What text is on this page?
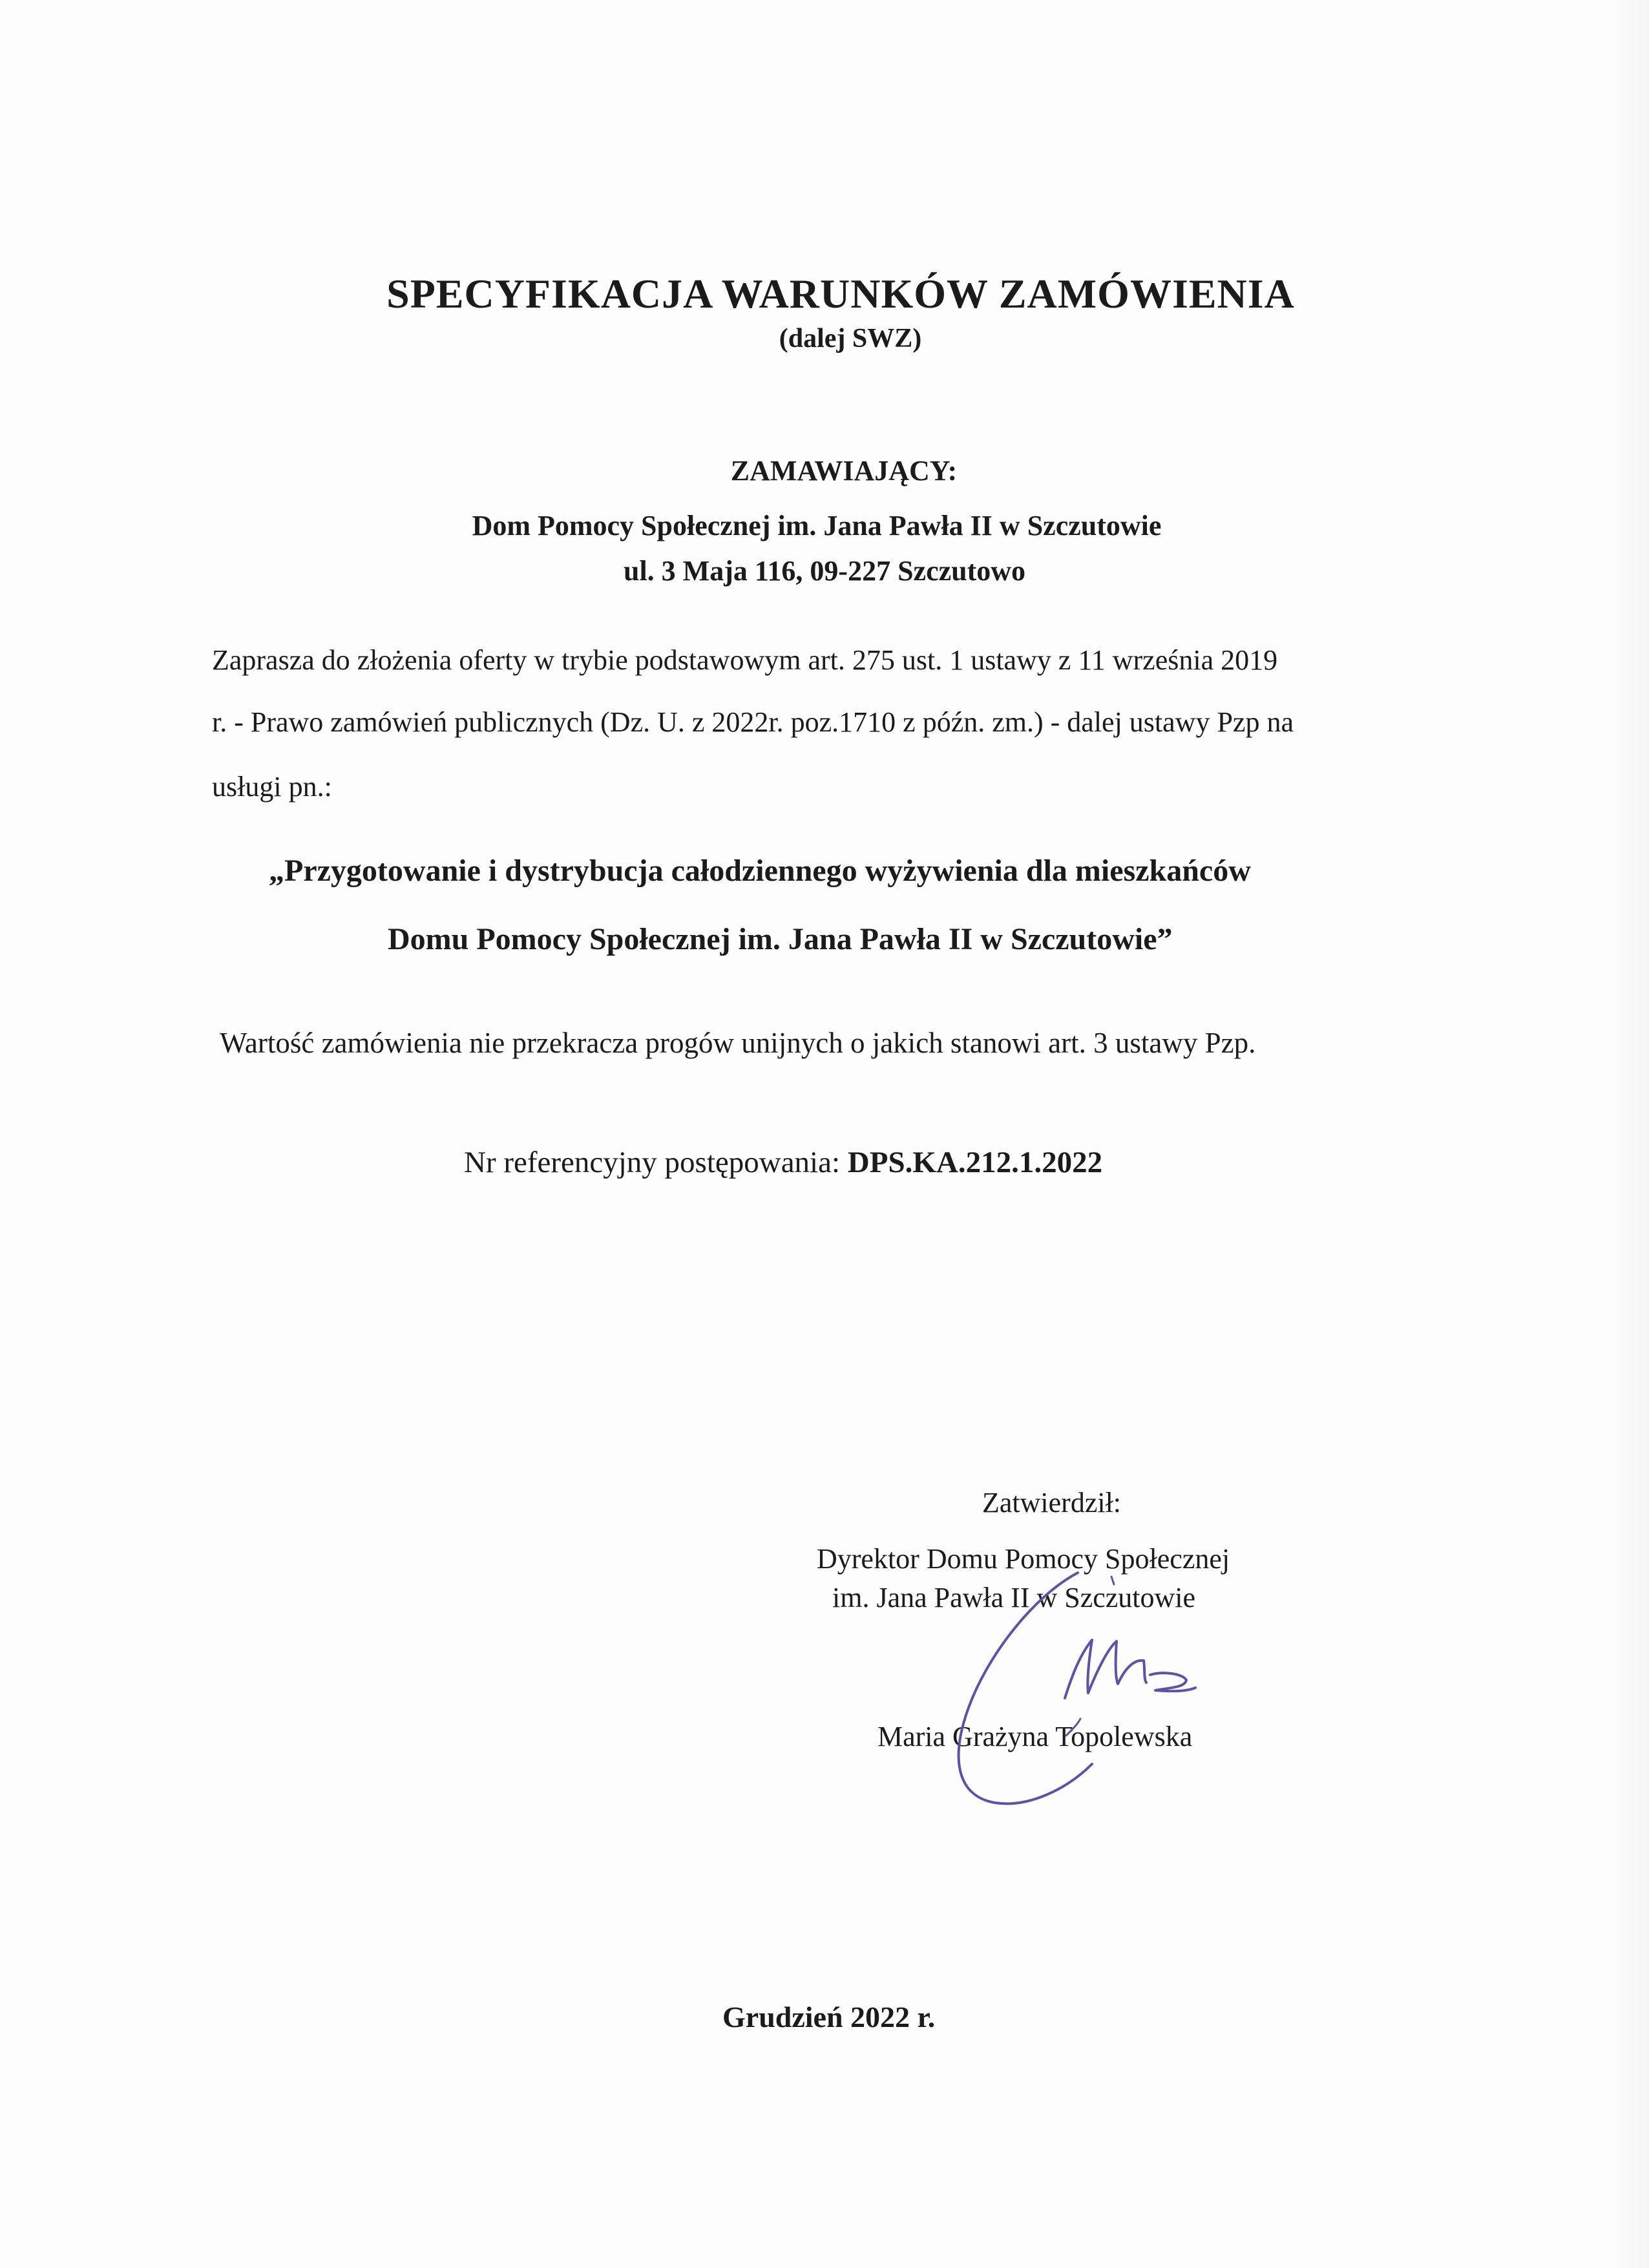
SPECYFIKACJA WARUNKÓW ZAMÓWIENIA
(dalej SWZ)
ZAMAWIAJĄCY:
Dom Pomocy Społecznej im. Jana Pawła II w Szczutowie
ul. 3 Maja 116, 09-227 Szczutowo
Zaprasza do złożenia oferty w trybie podstawowym art. 275 ust. 1 ustawy z 11 września 2019
r. - Prawo zamówień publicznych (Dz. U. z 2022r. poz.1710 z późn. zm.) - dalej ustawy Pzp na
usługi pn.:
„Przygotowanie i dystrybucja całodziennego wyżywienia dla mieszkańców
Domu Pomocy Społecznej im. Jana Pawła II w Szczutowie”
Wartość zamówienia nie przekracza progów unijnych o jakich stanowi art. 3 ustawy Pzp.
Nr referencyjny postępowania: DPS.KA.212.1.2022
Zatwierdził:
Dyrektor Domu Pomocy Społecznej
im. Jana Pawła II w Szczutowie
Maria Grażyna Topolewska
Grudzień 2022 r.
